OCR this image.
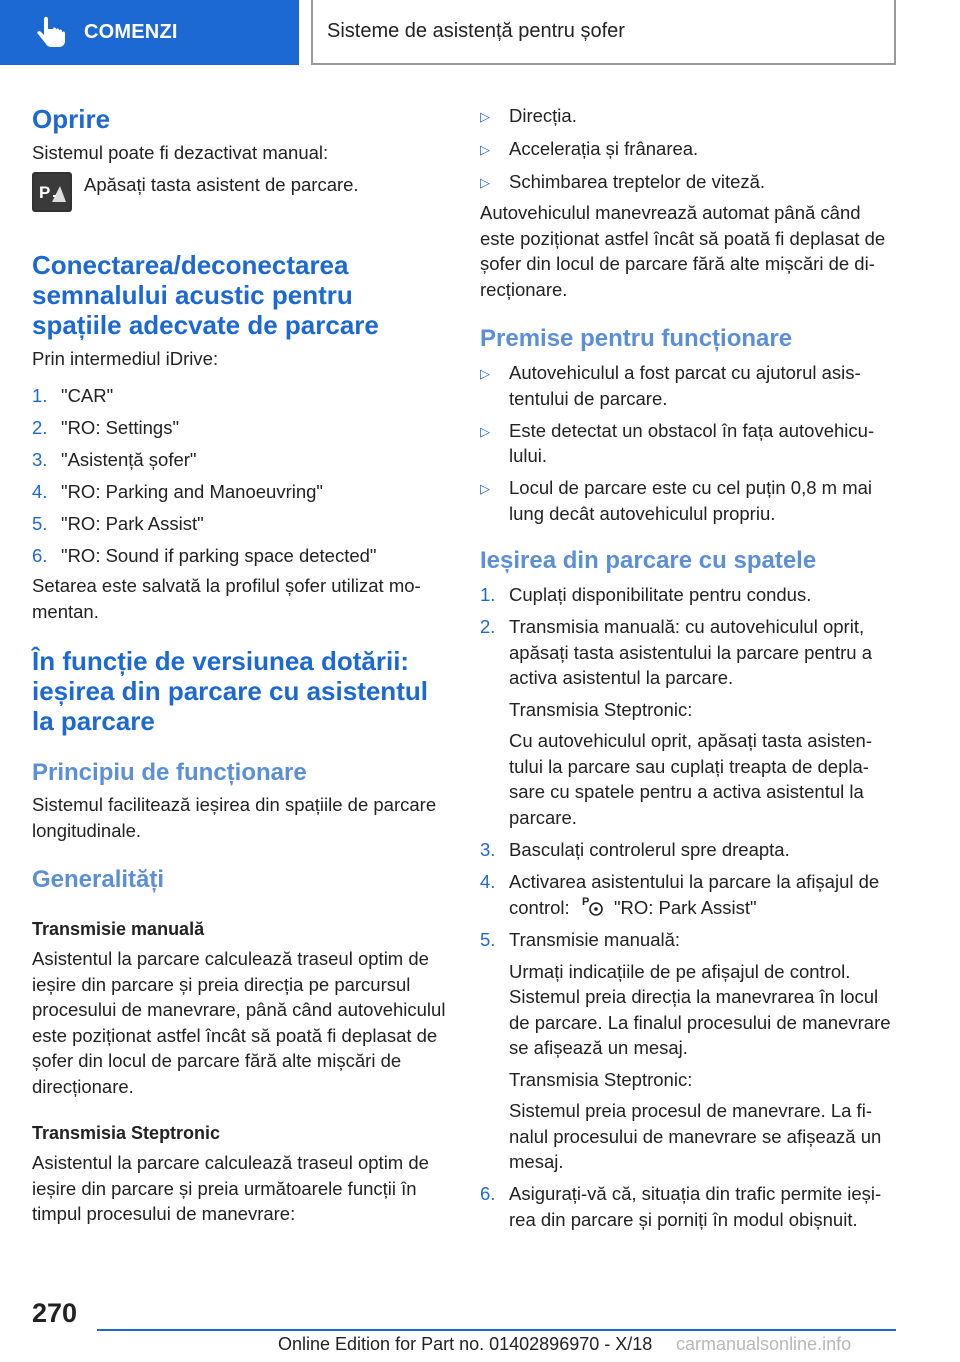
COMENZI	Sisteme de asistență pentru șofer
Oprire

Sistemul poate fi dezactivat manual:

P Apăsați tasta asistent de parcare.

Conectarea/deconectarea semnalului acustic pentru spațiile adecvate de parcare

Prin intermediul iDrive:

1. "CAR"
2. "RO: Settings"
3. "Asistență șofer"
4. "RO: Parking and Manoeuvring"
5. "RO: Park Assist"
6. "RO: Sound if parking space detected"

Setarea este salvată la profilul șofer utilizat momentan.

În funcție de versiunea dotării: ieșirea din parcare cu asistentul la parcare
Principiu de funcționare

Sistemul facilitează ieșirea din spațiile de parcare longitudinale.

Generalități
Transmisie manuală

Asistentul la parcare calculează traseul optim de ieșire din parcare și preia direcția pe parcursul procesului de manevrare, până când autovehiculul este poziționat astfel încât să poată fi deplasat de șofer din locul de parcare fără alte mișcări de direcționare.

Transmisia Steptronic

Asistentul la parcare calculează traseul optim de ieșire din parcare și preia următoarele funcții în timpul procesului de manevrare:

▷	Direcția.
▷	Accelerația și frânarea.
▷	Schimbarea treptelor de viteză.

Autovehiculul manevrează automat până când este poziționat astfel încât să poată fi deplasat de șofer din locul de parcare fără alte mișcări de direcționare.

Premise pentru funcționare
▷	Autovehiculul a fost parcat cu ajutorul asistentului de parcare.
▷	Este detectat un obstacol în fața autovehiculului.
▷	Locul de parcare este cu cel puțin 0,8 m mai lung decât autovehiculul propriu.
Ieșirea din parcare cu spatele
1. Cuplați disponibilitate pentru condus.
2. Transmisia manuală: cu autovehiculul oprit, apăsați tasta asistentului la parcare pentru a activa asistentul la parcare.
Transmisia Steptronic:
Cu autovehiculul oprit, apăsați tasta asistentului la parcare sau cuplați treapta de deplasare cu spatele pentru a activa asistentul la parcare.
3. Basculați controlerul spre dreapta.
4. Activarea asistentului la parcare la afișajul de control: P "RO: Park Assist"
5. Transmisie manuală:
Urmați indicațiile de pe afișajul de control. Sistemul preia direcția la manevrarea în locul de parcare. La finalul procesului de manevrare se afișează un mesaj.
Transmisia Steptronic:
Sistemul preia procesul de manevrare. La finalul procesului de manevrare se afișează un mesaj.
6. Asigurați-vă că, situația din trafic permite ieșirea din parcare și porniți în modul obișnuit.
270
Online Edition for Part no. 01402896970 - X/18 carmanualsonline.info
